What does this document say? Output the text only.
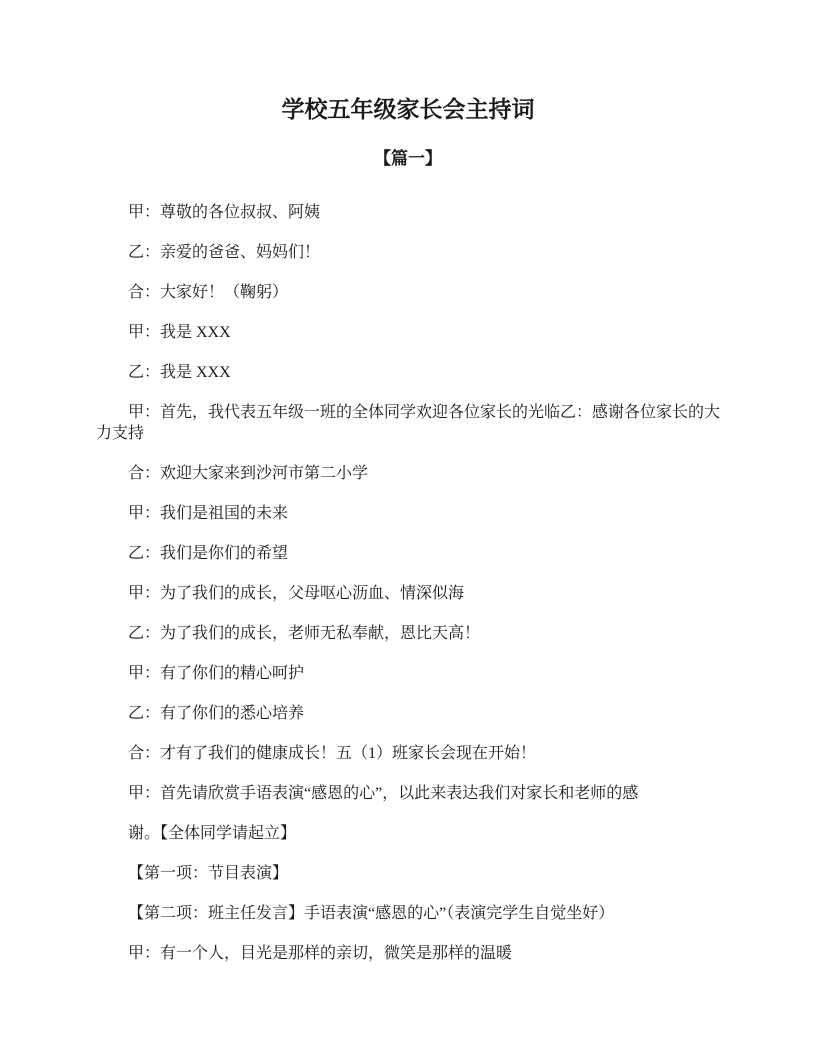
学校五年级家长会主持词
【篇一】

甲：尊敬的各位叔叔、阿姨

乙：亲爱的爸爸、妈妈们！

合：大家好！（鞠躬）

甲：我是 XXX

乙：我是 XXX

甲：首先，我代表五年级一班的全体同学欢迎各位家长的光临乙：感谢各位家长的大

力支持

合：欢迎大家来到沙河市第二小学

甲：我们是祖国的未来

乙：我们是你们的希望

甲：为了我们的成长，父母呕心沥血、情深似海

乙：为了我们的成长，老师无私奉献，恩比天高！

甲：有了你们的精心呵护

乙：有了你们的悉心培养

合：才有了我们的健康成长！五（1）班家长会现在开始！

甲：首先请欣赏手语表演“感恩的心”，以此来表达我们对家长和老师的感

谢。【全体同学请起立】

【第一项：节目表演】

【第二项：班主任发言】手语表演“感恩的心”（表演完学生自觉坐好）

甲：有一个人，目光是那样的亲切，微笑是那样的温暖
